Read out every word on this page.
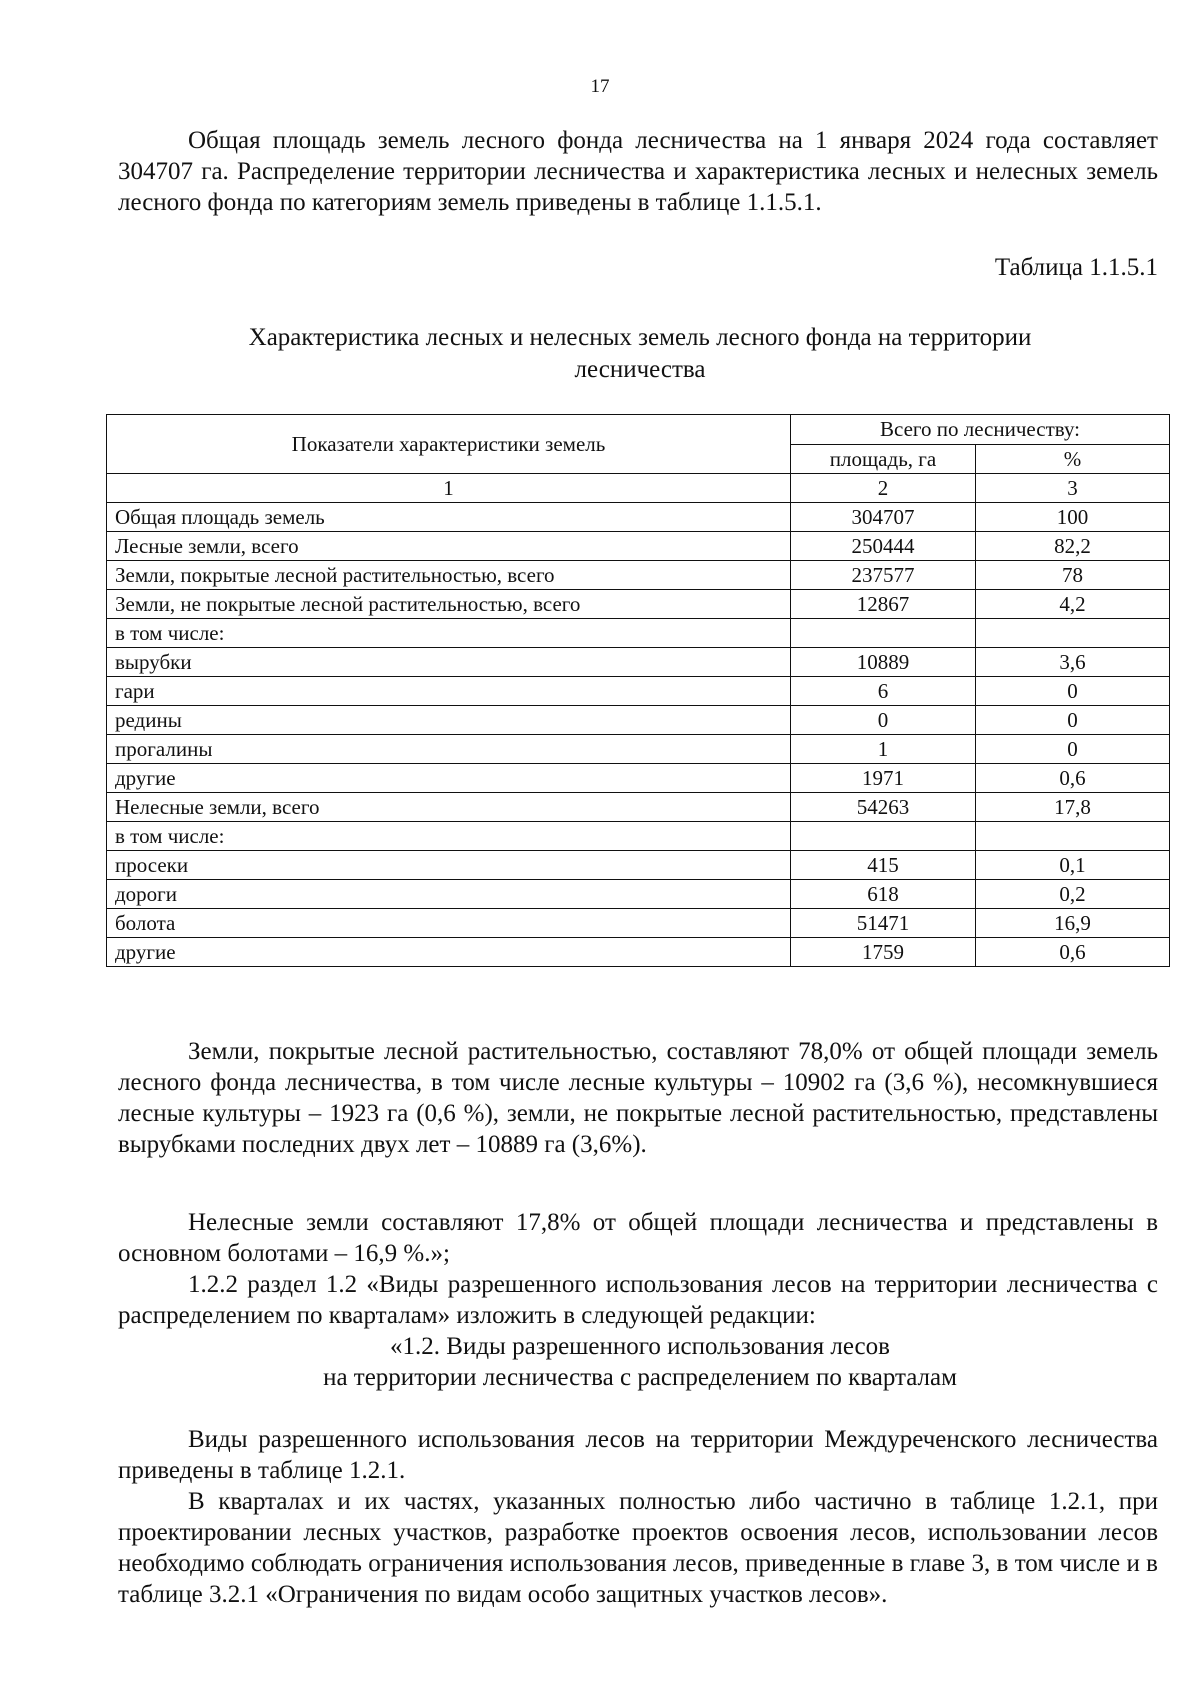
17

Общая площадь земель лесного фонда лесничества на 1 января 2024 года составляет 304707 га. Распределение территории лесничества и характеристика лесных и нелесных земель лесного фонда по категориям земель приведены в таблице 1.1.5.1.

Таблица 1.1.5.1
Характеристика лесных и нелесных земель лесного фонда на территории
лесничества
Показатели характеристики земель	Всего по лесничеству:	
	площадь, га	%
1	2	3
Общая площадь земель	304707	100
Лесные земли, всего	250444	82,2
Земли, покрытые лесной растительностью, всего	237577	78
Земли, не покрытые лесной растительностью, всего	12867	4,2
в том числе:		
вырубки	10889	3,6
гари	6	0
редины	0	0
прогалины	1	0
другие	1971	0,6
Нелесные земли, всего	54263	17,8
в том числе:		
просеки	415	0,1
дороги	618	0,2
болота	51471	16,9
другие	1759	0,6

Земли, покрытые лесной растительностью, составляют 78,0% от общей площади земель лесного фонда лесничества, в том числе лесные культуры – 10902 га (3,6 %), несомкнувшиеся лесные культуры – 1923 га (0,6 %), земли, не покрытые лесной растительностью, представлены вырубками последних двух лет – 10889 га (3,6%).

Нелесные земли составляют 17,8% от общей площади лесничества и представлены в основном болотами – 16,9 %.»;

1.2.2 раздел 1.2 «Виды разрешенного использования лесов на территории лесничества с распределением по кварталам» изложить в следующей редакции:

«1.2. Виды разрешенного использования лесов
на территории лесничества с распределением по кварталам

Виды разрешенного использования лесов на территории Междуреченского лесничества приведены в таблице 1.2.1.

В кварталах и их частях, указанных полностью либо частично в таблице 1.2.1, при проектировании лесных участков, разработке проектов освоения лесов, использовании лесов необходимо соблюдать ограничения использования лесов, приведенные в главе 3, в том числе и в таблице 3.2.1 «Ограничения по видам особо защитных участков лесов».
